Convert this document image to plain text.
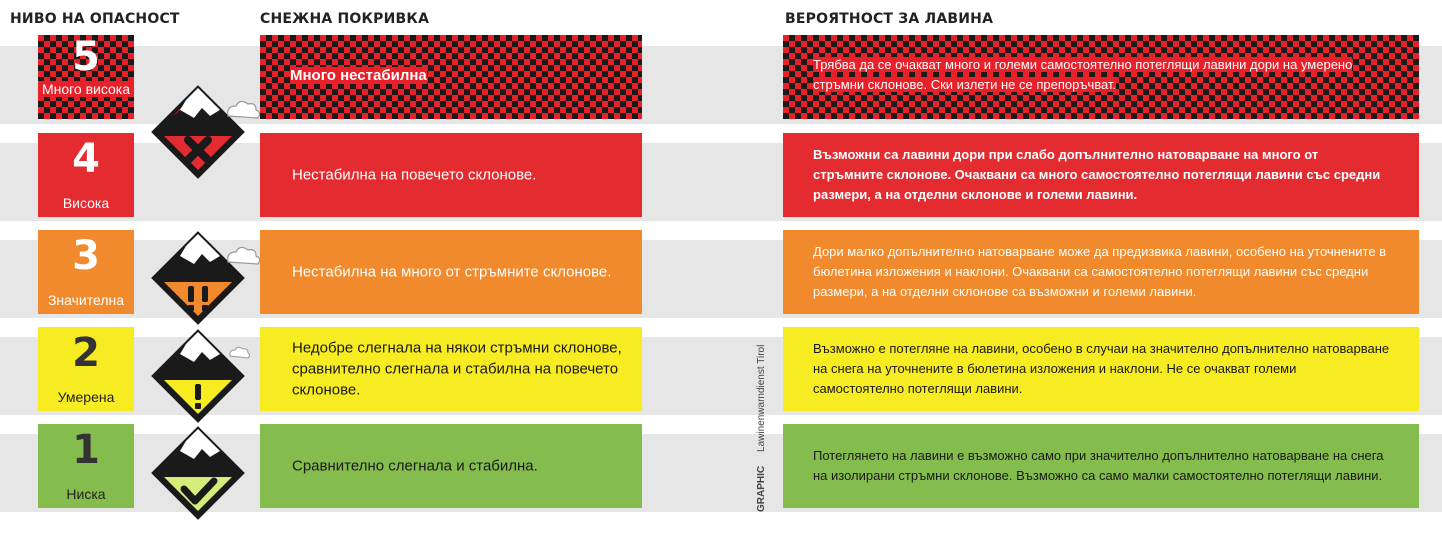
НИВО НА ОПАСНОСТ	СНЕЖНА ПОКРИВКА	ВЕРОЯТНОСТ ЗА ЛАВИНА
5
Много висока
Много нестабилна
Трябва да се очакват много и големи самостоятелно потеглящи лавини дори на умерено стръмни склонове. Ски излети не се препоръчват.
4
Висока
Нестабилна на повечето склонове.
Възможни са лавини дори при слабо допълнително натоварване на много от стръмните склонове. Очаквани са много самостоятелно потеглящи лавини със средни размери, а на отделни склонове и големи лавини.
3
Значителна
Нестабилна на много от стръмните склонове.
Дори малко допълнително натоварване може да предизвика лавини, особено на уточнените в бюлетина изложения и наклони. Очаквани са самостоятелно потеглящи лавини със средни размери, а на отделни склонове са възможни и големи лавини.
2
Умерена
Недобре слегнала на някои стръмни склонове, сравнително слегнала и стабилна на повечето склонове.
Възможно е потегляне на лавини, особено в случаи на значително допълнително натоварване на снега на уточнените в бюлетина изложения и наклони. Не се очакват големи самостоятелно потеглящи лавини.
1
Ниска
Сравнително слегнала и стабилна.
Потеглянето на лавини е възможно само при значително допълнително натоварване на снега на изолирани стръмни склонове. Възможно са само малки самостоятелно потеглящи лавини.
GRAPHIC     Lawinenwarndienst Tirol
